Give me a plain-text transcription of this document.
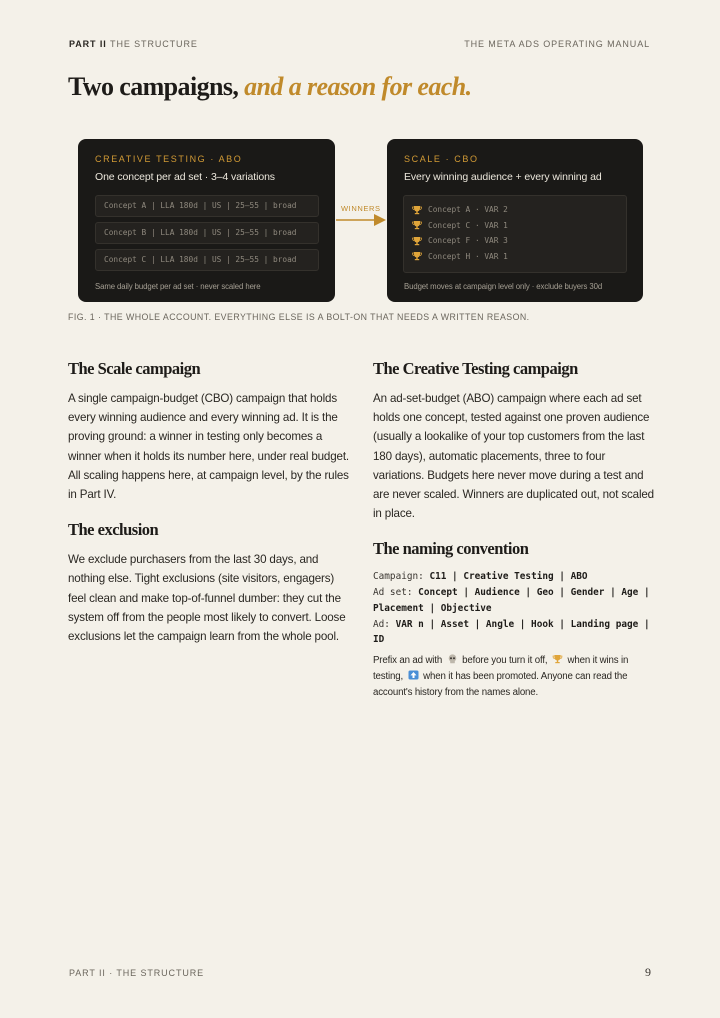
PART II THE STRUCTURE	THE META ADS OPERATING MANUAL
Two campaigns, and a reason for each.
CREATIVE TESTING · ABO
One concept per ad set · 3–4 variations
Concept A | LLA 180d | US | 25–55 | broad
Concept B | LLA 180d | US | 25–55 | broad
Concept C | LLA 180d | US | 25–55 | broad
Same daily budget per ad set · never scaled here
WINNERS
SCALE · CBO
Every winning audience + every winning ad
Concept A · VAR 2
Concept C · VAR 1
Concept F · VAR 3
Concept H · VAR 1
Budget moves at campaign level only · exclude buyers 30d
FIG. 1 · THE WHOLE ACCOUNT. EVERYTHING ELSE IS A BOLT-ON THAT NEEDS A WRITTEN REASON.
The Scale campaign

A single campaign-budget (CBO) campaign that holds every winning audience and every winning ad. It is the proving ground: a winner in testing only becomes a winner when it holds its number here, under real budget. All scaling happens here, at campaign level, by the rules in Part IV.

The exclusion

We exclude purchasers from the last 30 days, and nothing else. Tight exclusions (site visitors, engagers) feel clean and make top-of-funnel dumber: they cut the system off from the people most likely to convert. Loose exclusions let the campaign learn from the whole pool.

The Creative Testing campaign

An ad-set-budget (ABO) campaign where each ad set holds one concept, tested against one proven audience (usually a lookalike of your top customers from the last 180 days), automatic placements, three to four variations. Budgets here never move during a test and are never scaled. Winners are duplicated out, not scaled in place.

The naming convention
Campaign: C11 | Creative Testing | ABO
Ad set: Concept | Audience | Geo | Gender | Age | Placement | Objective
Ad: VAR n | Asset | Angle | Hook | Landing page | ID

Prefix an ad with before you turn it off, when it wins in testing, when it has been promoted. Anyone can read the account's history from the names alone.

PART II · THE STRUCTURE	9
